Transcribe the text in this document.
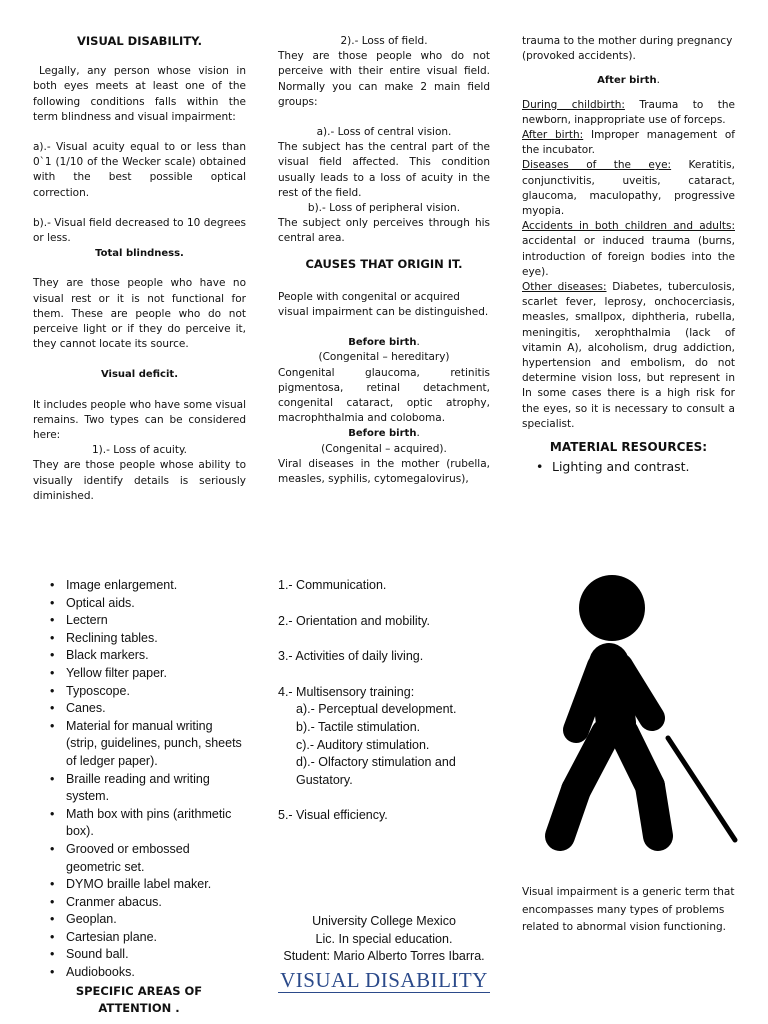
VISUAL DISABILITY.

Legally, any person whose vision in both eyes meets at least one of the following conditions falls within the term blindness and visual impairment:

a).- Visual acuity equal to or less than 0`1 (1/10 of the Wecker scale) obtained with the best possible optical correction.

b).- Visual field decreased to 10 degrees or less.

Total blindness.

They are those people who have no visual rest or it is not functional for them. These are people who do not perceive light or if they do perceive it, they cannot locate its source.

Visual deficit.

It includes people who have some visual remains. Two types can be considered here:

1).- Loss of acuity.

They are those people whose ability to visually identify details is seriously diminished.

2).- Loss of field.

They are those people who do not perceive with their entire visual field. Normally you can make 2 main field groups:

a).- Loss of central vision.

The subject has the central part of the visual field affected. This condition usually leads to a loss of acuity in the rest of the field.

b).- Loss of peripheral vision.

The subject only perceives through his central area.

CAUSES THAT ORIGIN IT.

People with congenital or acquired visual impairment can be distinguished.

Before birth.

(Congenital – hereditary)

Congenital glaucoma, retinitis pigmentosa, retinal detachment, congenital cataract, optic atrophy, macrophthalmia and coloboma.

Before birth.

(Congenital – acquired).

Viral diseases in the mother (rubella, measles, syphilis, cytomegalovirus),

trauma to the mother during pregnancy (provoked accidents).

After birth.

During childbirth: Trauma to the newborn, inappropriate use of forceps.

After birth: Improper management of the incubator.

Diseases of the eye: Keratitis, conjunctivitis, uveitis, cataract, glaucoma, maculopathy, progressive myopia.

Accidents in both children and adults: accidental or induced trauma (burns, introduction of foreign bodies into the eye).

Other diseases: Diabetes, tuberculosis, scarlet fever, leprosy, onchocerciasis, measles, smallpox, diphtheria, rubella, meningitis, xerophthalmia (lack of vitamin A), alcoholism, drug addiction, hypertension and embolism, do not determine vision loss, but represent in In some cases there is a high risk for the eyes, so it is necessary to consult a specialist.

MATERIAL RESOURCES:

• Lighting and contrast.
• Image enlargement.
• Optical aids.
• Lectern
• Reclining tables.
• Black markers.
• Yellow filter paper.
• Typoscope.
• Canes.
• Material for manual writing (strip, guidelines, punch, sheets of ledger paper).
• Braille reading and writing system.
• Math box with pins (arithmetic box).
• Grooved or embossed geometric set.
• DYMO braille label maker.
• Cranmer abacus.
• Geoplan.
• Cartesian plane.
• Sound ball.
• Audiobooks.

SPECIFIC AREAS OF ATTENTION .

1.- Communication.

2.- Orientation and mobility.

3.- Activities of daily living.

4.- Multisensory training:

a).- Perceptual development.

b).- Tactile stimulation.

c).- Auditory stimulation.

d).- Olfactory stimulation and Gustatory.

5.- Visual efficiency.

University College Mexico

Lic. In special education.

Student: Mario Alberto Torres Ibarra.

VISUAL DISABILITY

Visual impairment is a generic term that encompasses many types of problems related to abnormal vision functioning.
